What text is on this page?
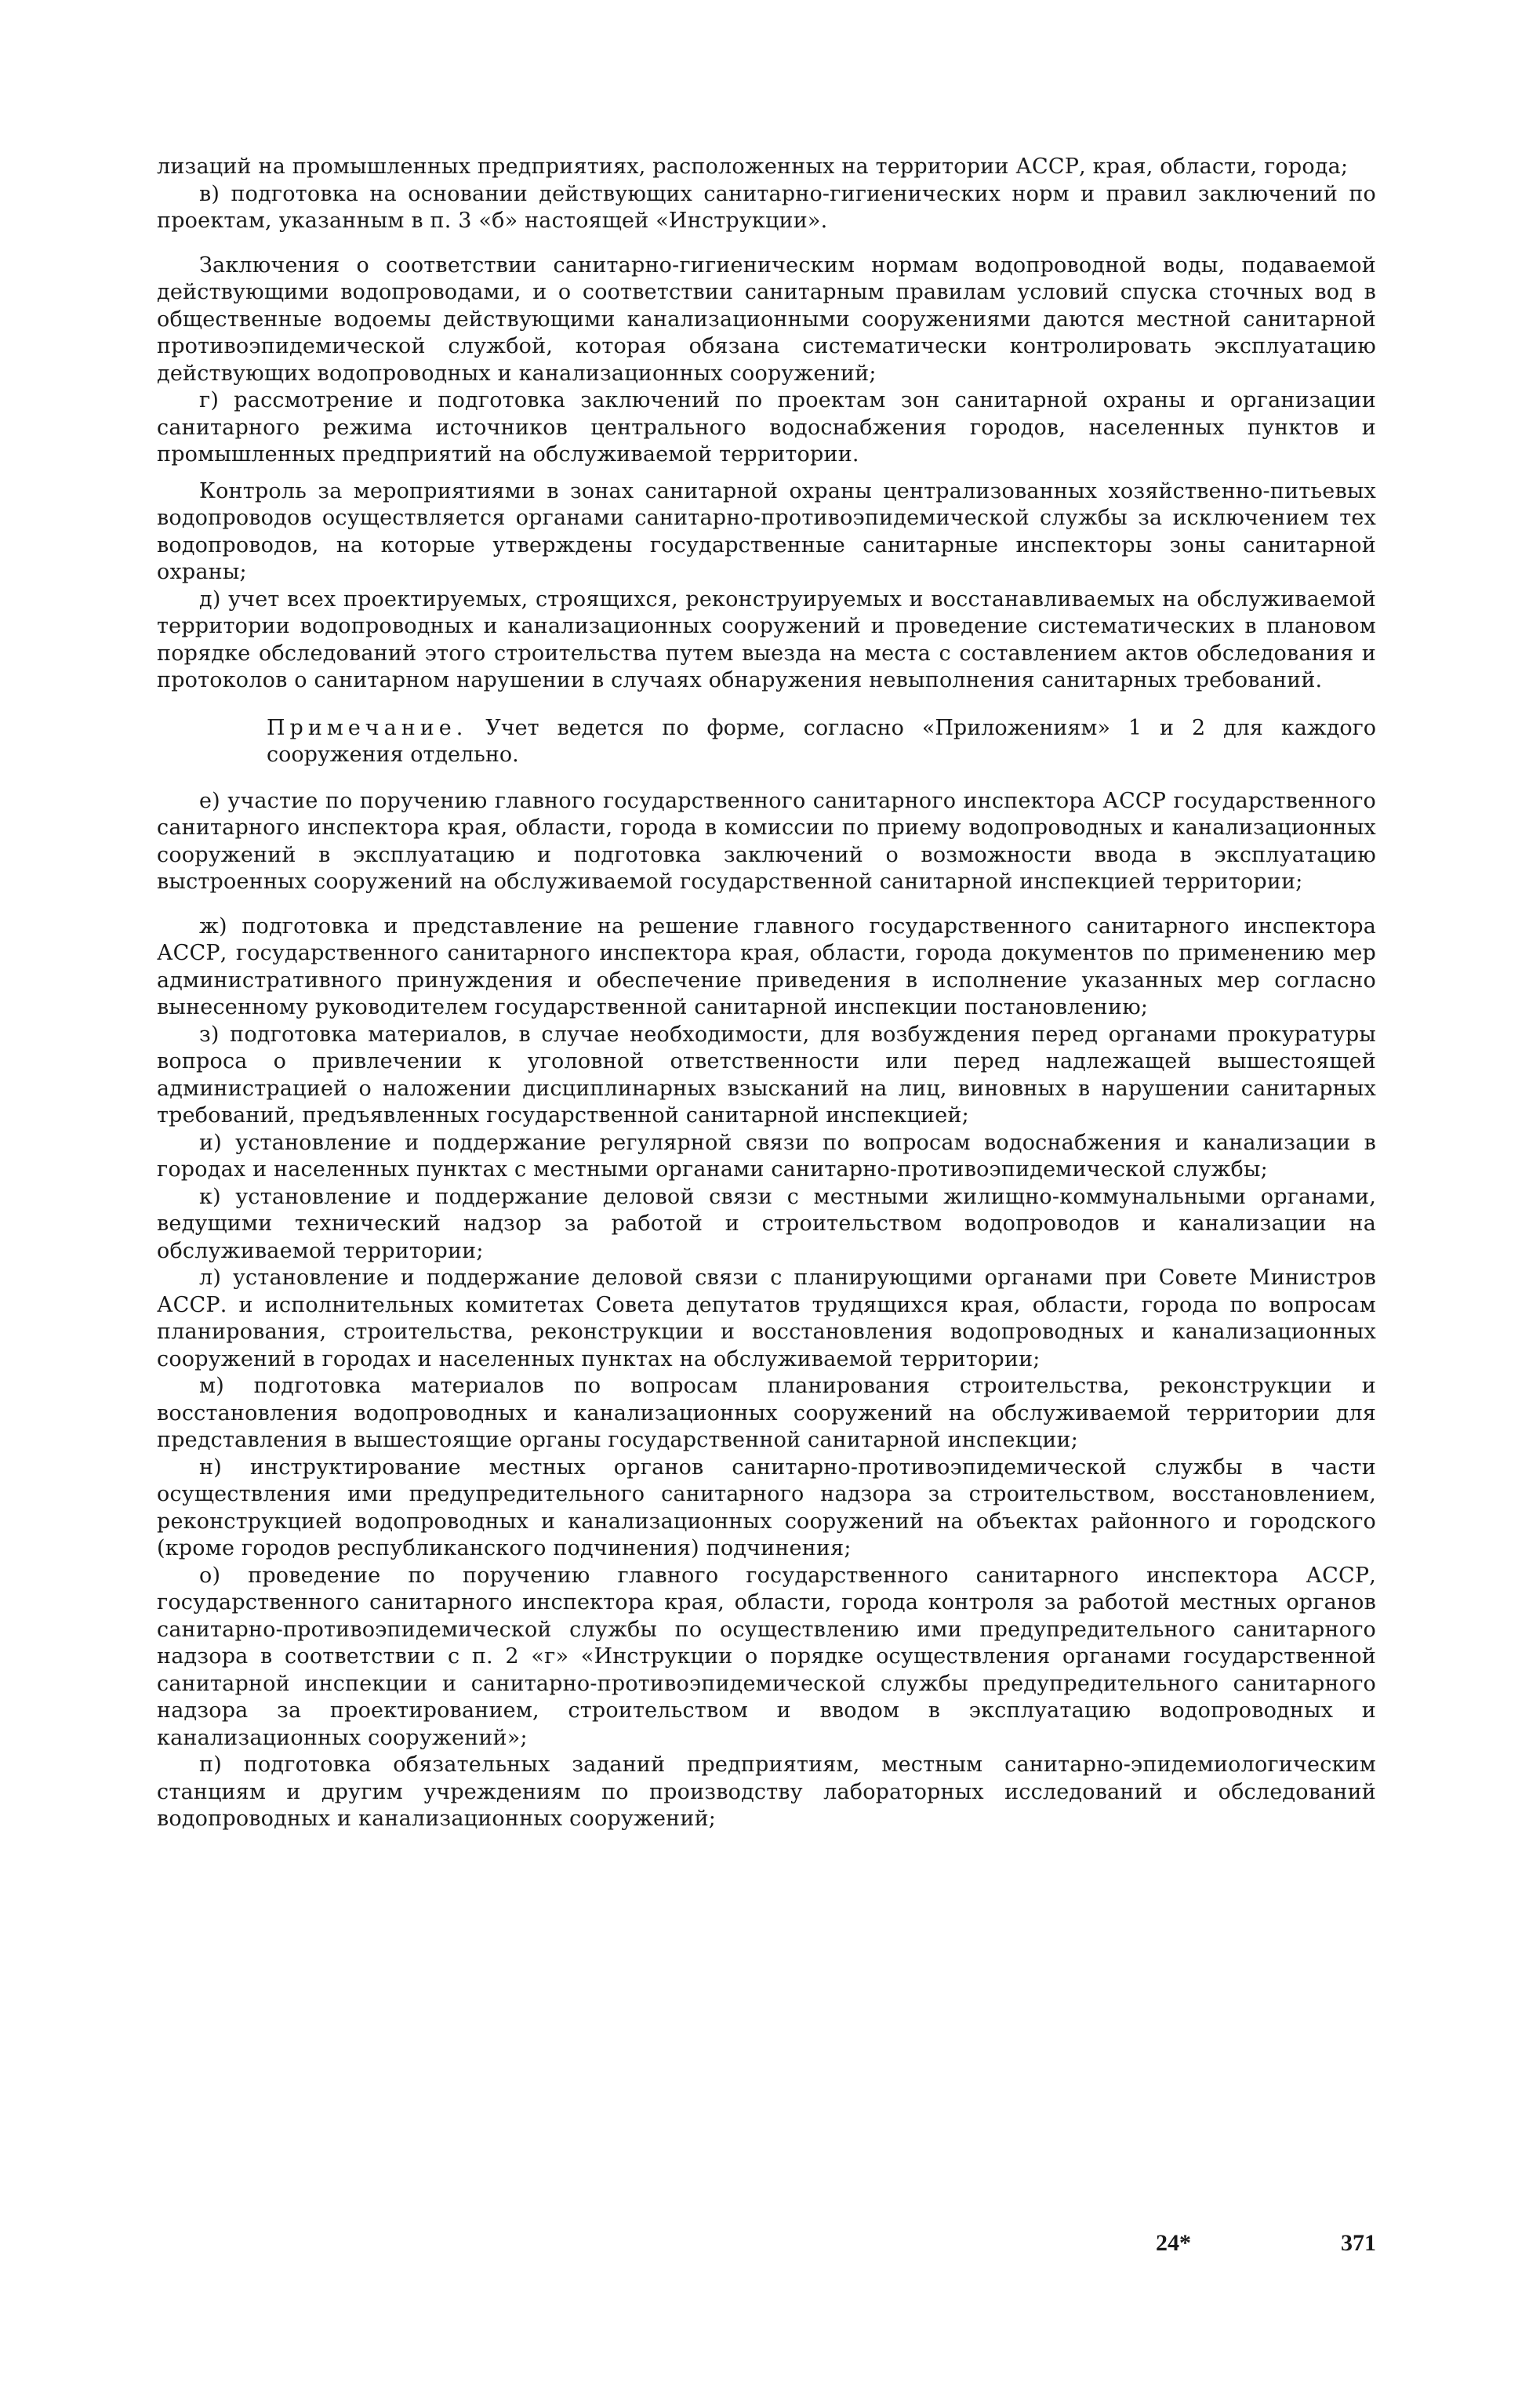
лизаций на промышленных предприятиях, расположенных на территории АССР, края, области, города;

в) подготовка на основании действующих санитарно-гигиенических норм и правил заключений по проектам, указанным в п. 3 «б» настоящей «Инструкции».

Заключения о соответствии санитарно-гигиеническим нормам водопроводной воды, подаваемой действующими водопроводами, и о соответствии санитарным правилам условий спуска сточных вод в общественные водоемы действующими канализационными сооружениями даются местной санитарной противоэпидемической службой, которая обязана систематически контролировать эксплуатацию действующих водопроводных и канализационных сооружений;

г) рассмотрение и подготовка заключений по проектам зон санитарной охраны и организации санитарного режима источников центрального водоснабжения городов, населенных пунктов и промышленных предприятий на обслуживаемой территории.

Контроль за мероприятиями в зонах санитарной охраны централизованных хозяйственно-питьевых водопроводов осуществляется органами санитарно-противоэпидемической службы за исключением тех водопроводов, на которые утверждены государственные санитарные инспекторы зоны санитарной охраны;

д) учет всех проектируемых, строящихся, реконструируемых и восстанавливаемых на обслуживаемой территории водопроводных и канализационных сооружений и проведение систематических в плановом порядке обследований этого строительства путем выезда на места с составлением актов обследования и протоколов о санитарном нарушении в случаях обнаружения невыполнения санитарных требований.

Примечание. Учет ведется по форме, согласно «Приложениям» 1 и 2 для каждого сооружения отдельно.

е) участие по поручению главного государственного санитарного инспектора АССР государственного санитарного инспектора края, области, города в комиссии по приему водопроводных и канализационных сооружений в эксплуатацию и подготовка заключений о возможности ввода в эксплуатацию выстроенных сооружений на обслуживаемой государственной санитарной инспекцией территории;

ж) подготовка и представление на решение главного государственного санитарного инспектора АССР, государственного санитарного инспектора края, области, города документов по применению мер административного принуждения и обеспечение приведения в исполнение указанных мер согласно вынесенному руководителем государственной санитарной инспекции постановлению;

з) подготовка материалов, в случае необходимости, для возбуждения перед органами прокуратуры вопроса о привлечении к уголовной ответственности или перед надлежащей вышестоящей администрацией о наложении дисциплинарных взысканий на лиц, виновных в нарушении санитарных требований, предъявленных государственной санитарной инспекцией;

и) установление и поддержание регулярной связи по вопросам водоснабжения и канализации в городах и населенных пунктах с местными органами санитарно-противоэпидемической службы;

к) установление и поддержание деловой связи с местными жилищно-коммунальными органами, ведущими технический надзор за работой и строительством водопроводов и канализации на обслуживаемой территории;

л) установление и поддержание деловой связи с планирующими органами при Совете Министров АССР. и исполнительных комитетах Совета депутатов трудящихся края, области, города по вопросам планирования, строительства, реконструкции и восстановления водопроводных и канализационных сооружений в городах и населенных пунктах на обслуживаемой территории;

м) подготовка материалов по вопросам планирования строительства, реконструкции и восстановления водопроводных и канализационных сооружений на обслуживаемой территории для представления в вышестоящие органы государственной санитарной инспекции;

н) инструктирование местных органов санитарно-противоэпидемической службы в части осуществления ими предупредительного санитарного надзора за строительством, восстановлением, реконструкцией водопроводных и канализационных сооружений на объектах районного и городского (кроме городов республиканского подчинения) подчинения;

о) проведение по поручению главного государственного санитарного инспектора АССР, государственного санитарного инспектора края, области, города контроля за работой местных органов санитарно-противоэпидемической службы по осуществлению ими предупредительного санитарного надзора в соответствии с п. 2 «г» «Инструкции о порядке осуществления органами государственной санитарной инспекции и санитарно-противоэпидемической службы предупредительного санитарного надзора за проектированием, строительством и вводом в эксплуатацию водопроводных и канализационных сооружений»;

п) подготовка обязательных заданий предприятиям, местным санитарно-эпидемиологическим станциям и другим учреждениям по производству лабораторных исследований и обследований водопроводных и канализационных сооружений;

24*	371
